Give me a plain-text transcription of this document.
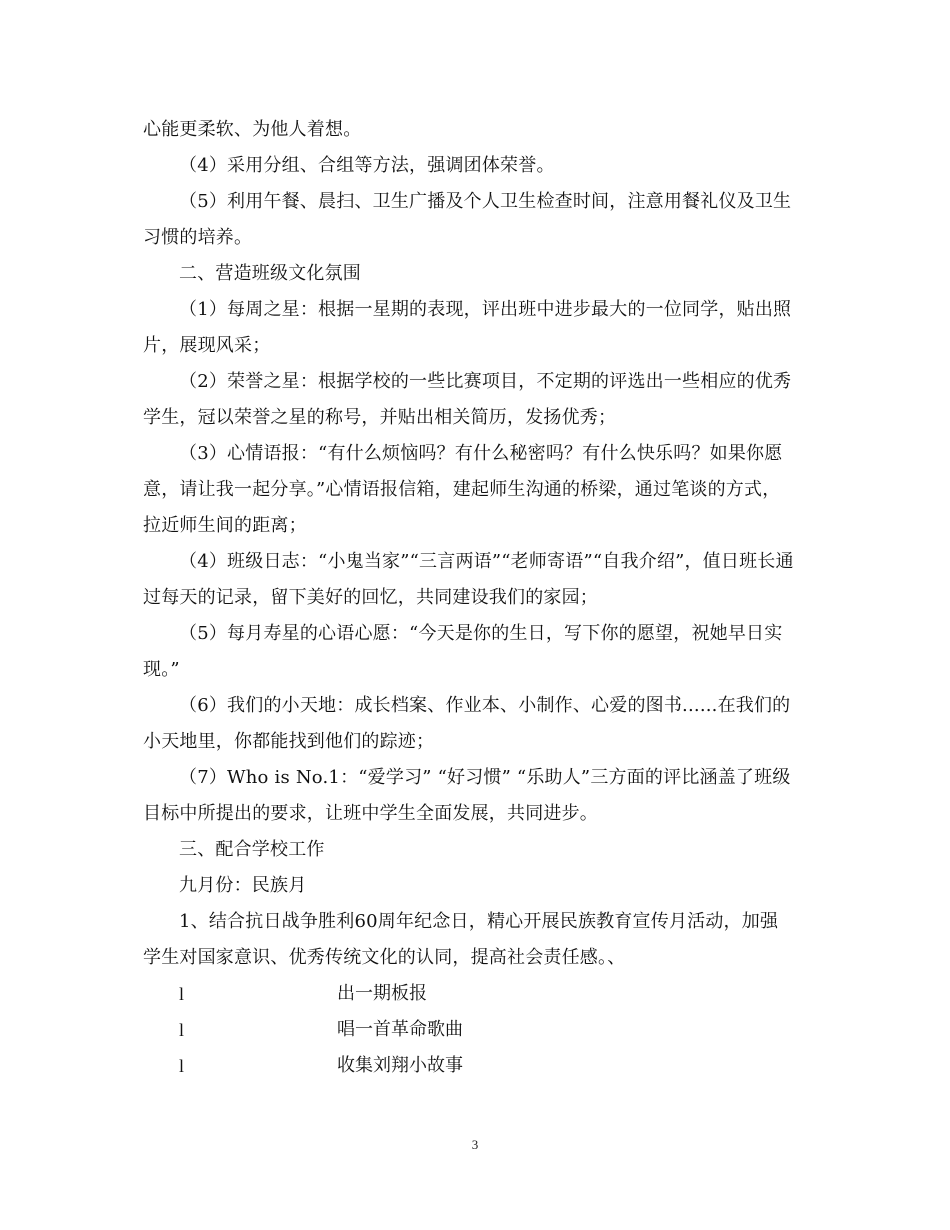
心能更柔软、为他人着想。
（4）采用分组、合组等方法，强调团体荣誉。
（5）利用午餐、晨扫、卫生广播及个人卫生检查时间，注意用餐礼仪及卫生
习惯的培养。
二、营造班级文化氛围
（1）每周之星：根据一星期的表现，评出班中进步最大的一位同学，贴出照
片，展现风采；
（2）荣誉之星：根据学校的一些比赛项目，不定期的评选出一些相应的优秀
学生，冠以荣誉之星的称号，并贴出相关简历，发扬优秀；
（3）心情语报：“有什么烦恼吗？有什么秘密吗？有什么快乐吗？如果你愿
意，请让我一起分享。”心情语报信箱，建起师生沟通的桥梁，通过笔谈的方式，
拉近师生间的距离；
（4）班级日志：“小鬼当家”“三言两语”“老师寄语”“自我介绍”，值日班长通
过每天的记录，留下美好的回忆，共同建设我们的家园；
（5）每月寿星的心语心愿：“今天是你的生日，写下你的愿望，祝她早日实
现。”
（6）我们的小天地：成长档案、作业本、小制作、心爱的图书......在我们的
小天地里，你都能找到他们的踪迹；
（7）Who is No.1：“爱学习” “好习惯” “乐助人”三方面的评比涵盖了班级
目标中所提出的要求，让班中学生全面发展，共同进步。
三、配合学校工作
九月份：民族月
1、结合抗日战争胜利60周年纪念日，精心开展民族教育宣传月活动，加强
学生对国家意识、优秀传统文化的认同，提高社会责任感。、
l	出一期板报
l	唱一首革命歌曲
l	收集刘翔小故事
3
